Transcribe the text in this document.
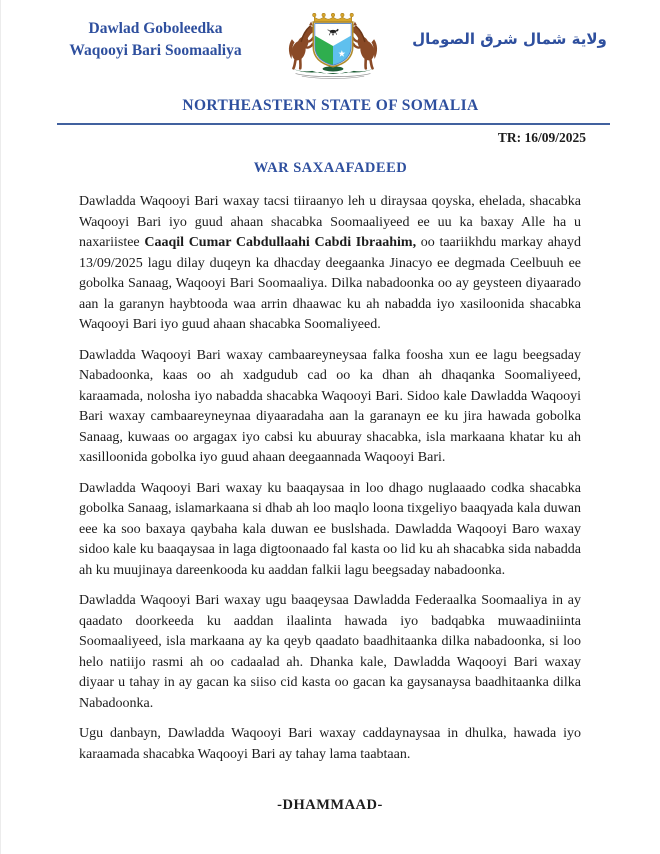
Dawlad Goboleedka
Waqooyi Bari Soomaaliya
ولاية شمال شرق الصومال
NORTHEASTERN STATE OF SOMALIA
TR: 16/09/2025
WAR SAXAAFADEED

Dawladda Waqooyi Bari waxay tacsi tiiraanyo leh u diraysaa qoyska, ehelada, shacabka Waqooyi Bari iyo guud ahaan shacabka Soomaaliyeed ee uu ka baxay Alle ha u naxariistee Caaqil Cumar Cabdullaahi Cabdi Ibraahim, oo taariikhdu markay ahayd 13/09/2025 lagu dilay duqeyn ka dhacday deegaanka Jinacyo ee degmada Ceelbuuh ee gobolka Sanaag, Waqooyi Bari Soomaaliya. Dilka nabadoonka oo ay geysteen diyaarado aan la garanyn haybtooda waa arrin dhaawac ku ah nabadda iyo xasiloonida shacabka Waqooyi Bari iyo guud ahaan shacabka Soomaliyeed.

Dawladda Waqooyi Bari waxay cambaareyneysaa falka foosha xun ee lagu beegsaday Nabadoonka, kaas oo ah xadgudub cad oo ka dhan ah dhaqanka Soomaliyeed, karaamada, nolosha iyo nabadda shacabka Waqooyi Bari. Sidoo kale Dawladda Waqooyi Bari waxay cambaareyneynaa diyaaradaha aan la garanayn ee ku jira hawada gobolka Sanaag, kuwaas oo argagax iyo cabsi ku abuuray shacabka, isla markaana khatar ku ah xasilloonida gobolka iyo guud ahaan deegaannada Waqooyi Bari.

Dawladda Waqooyi Bari waxay ku baaqaysaa in loo dhago nuglaaado codka shacabka gobolka Sanaag, islamarkaana si dhab ah loo maqlo loona tixgeliyo baaqyada kala duwan eee ka soo baxaya qaybaha kala duwan ee buslshada. Dawladda Waqooyi Baro waxay sidoo kale ku baaqaysaa in laga digtoonaado fal kasta oo lid ku ah shacabka sida nabadda ah ku muujinaya dareenkooda ku aaddan falkii lagu beegsaday nabadoonka.

Dawladda Waqooyi Bari waxay ugu baaqeysaa Dawladda Federaalka Soomaaliya in ay qaadato doorkeeda ku aaddan ilaalinta hawada iyo badqabka muwaadiniinta Soomaaliyeed, isla markaana ay ka qeyb qaadato baadhitaanka dilka nabadoonka, si loo helo natiijo rasmi ah oo cadaalad ah. Dhanka kale, Dawladda Waqooyi Bari waxay diyaar u tahay in ay gacan ka siiso cid kasta oo gacan ka gaysanaysa baadhitaanka dilka Nabadoonka.

Ugu danbayn, Dawladda Waqooyi Bari waxay caddaynaysaa in dhulka, hawada iyo karaamada shacabka Waqooyi Bari ay tahay lama taabtaan.

-DHAMMAAD-
